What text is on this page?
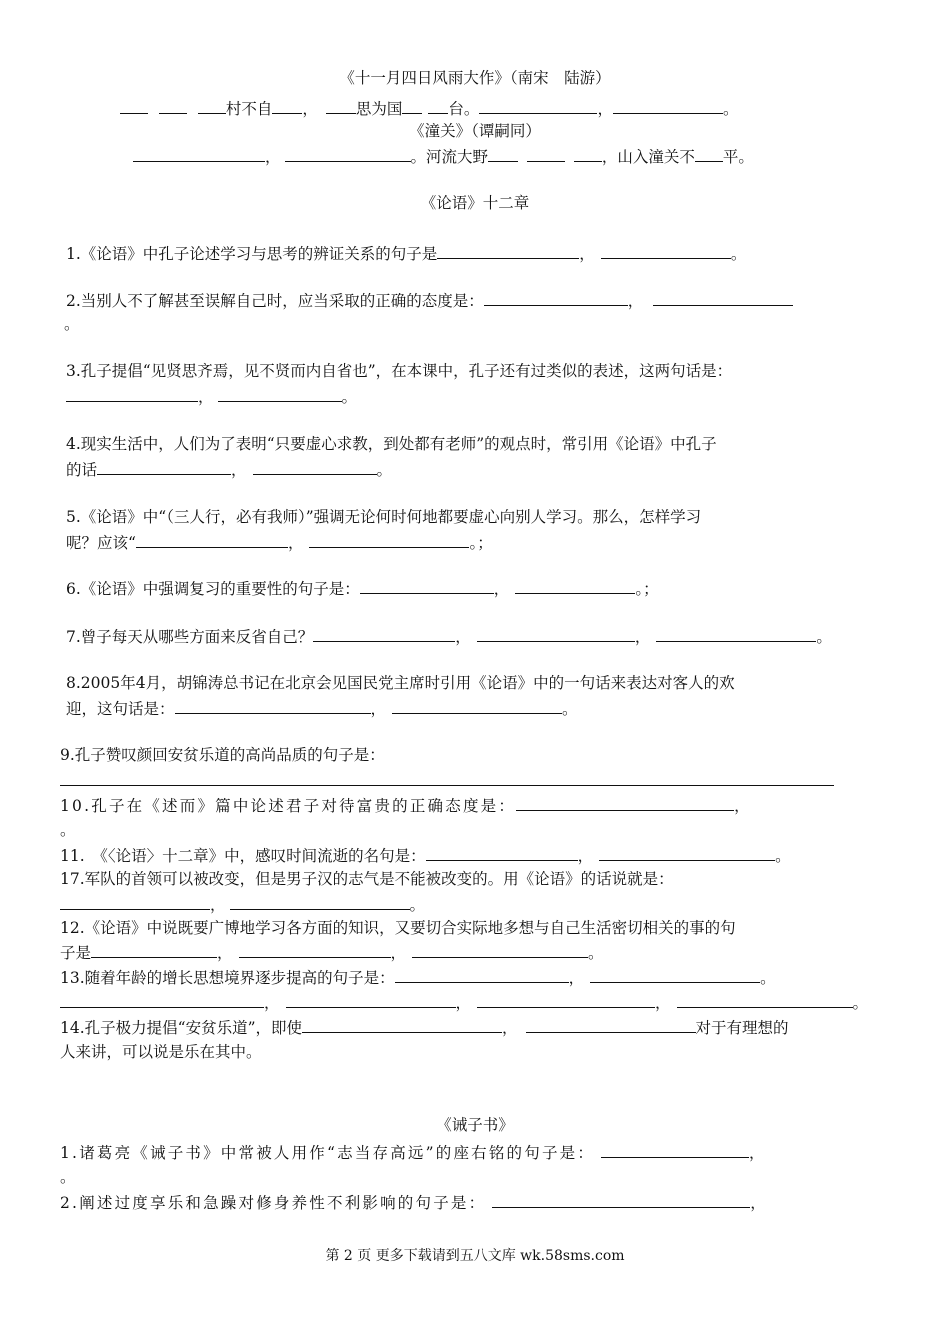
《十一月四日风雨大作》（南宋　陆游）
村不自 ， 思为国	台。	，	。
《潼关》（谭嗣同）
，	。河流大野	，山入潼关不 平。
《论语》十二章
1.《论语》中孔子论述学习与思考的辨证关系的句子是	，	。
2.当别人不了解甚至误解自己时，应当采取的正确的态度是：	，
。
3.孔子提倡“见贤思齐焉，见不贤而内自省也”，在本课中，孔子还有过类似的表述，这两句话是：
，	。
4.现实生活中，人们为了表明“只要虚心求教，到处都有老师”的观点时，常引用《论语》中孔子
的话	，	。
5.《论语》中“（三人行，必有我师）”强调无论何时何地都要虚心向别人学习。那么，怎样学习
呢？应该“	，	。；
6.《论语》中强调复习的重要性的句子是：	，	。；
7.曾子每天从哪些方面来反省自己？	，	，	。
8.2005年4月，胡锦涛总书记在北京会见国民党主席时引用《论语》中的一句话来表达对客人的欢
迎，这句话是：	，	。
9.孔子赞叹颜回安贫乐道的高尚品质的句子是：
10.孔子在《述而》篇中论述君子对待富贵的正确态度是：	，
。
11.　《〈论语〉十二章》中，感叹时间流逝的名句是：	，	。
17.军队的首领可以被改变，但是男子汉的志气是不能被改变的。用《论语》的话说就是：
，	。
12.《论语》中说既要广博地学习各方面的知识，又要切合实际地多想与自己生活密切相关的事的句
子是	，	，	。
13.随着年龄的增长思想境界逐步提高的句子是：	，	。
，	，	，	。
14.孔子极力提倡“安贫乐道”，即使	，	对于有理想的
人来讲，可以说是乐在其中。
《诫子书》
1.诸葛亮《诫子书》中常被人用作“志当存高远”的座右铭的句子是：	，
。
2.阐述过度享乐和急躁对修身养性不利影响的句子是：	，
第 2 页 更多下载请到五八文库 wk.58sms.com
